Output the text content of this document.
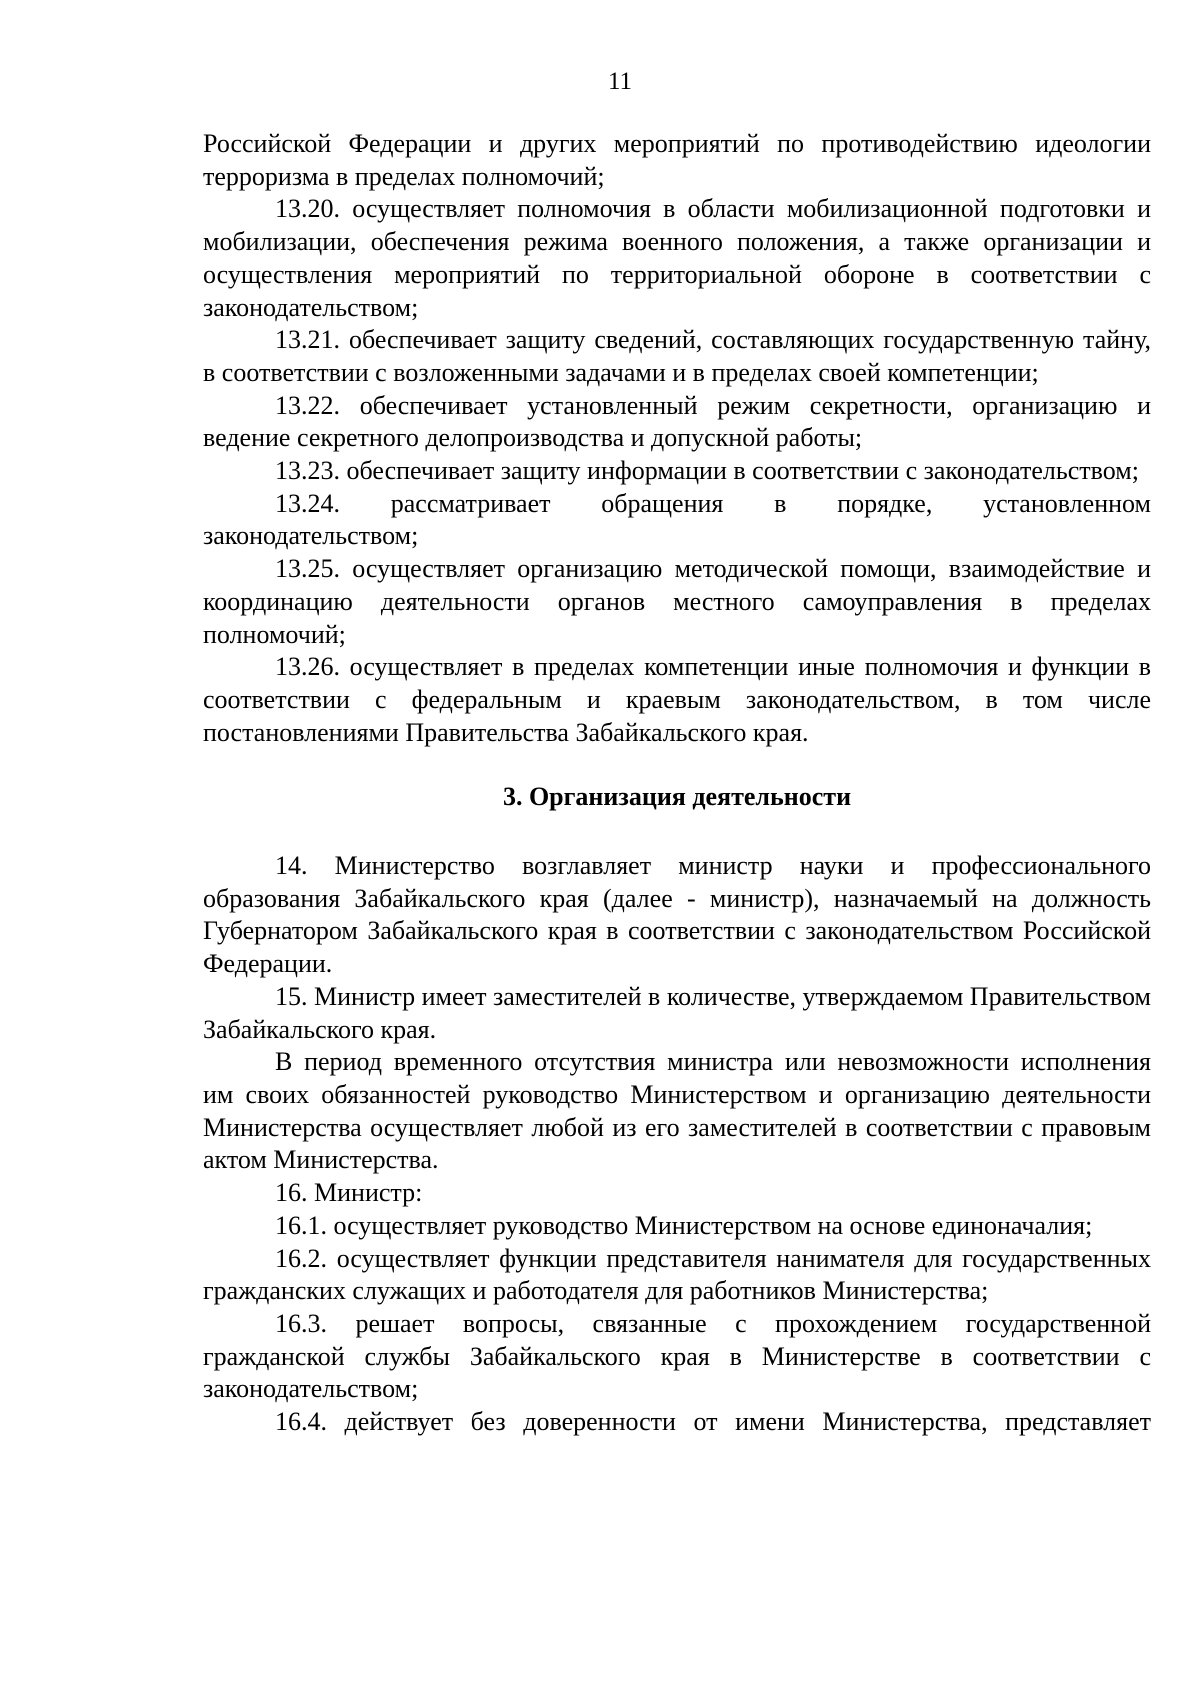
11

Российской Федерации и других мероприятий по противодействию идеологии терроризма в пределах полномочий;

13.20. осуществляет полномочия в области мобилизационной подготовки и мобилизации, обеспечения режима военного положения, а также организации и осуществления мероприятий по территориальной обороне в соответствии с законодательством;

13.21. обеспечивает защиту сведений, составляющих государственную тайну, в соответствии с возложенными задачами и в пределах своей компетенции;

13.22. обеспечивает установленный режим секретности, организацию и ведение секретного делопроизводства и допускной работы;

13.23. обеспечивает защиту информации в соответствии с законодательством;

13.24. рассматривает обращения в порядке, установленном законодательством;

13.25. осуществляет организацию методической помощи, взаимодействие и координацию деятельности органов местного самоуправления в пределах полномочий;

13.26. осуществляет в пределах компетенции иные полномочия и функции в соответствии с федеральным и краевым законодательством, в том числе постановлениями Правительства Забайкальского края.

3. Организация деятельности

14. Министерство возглавляет министр науки и профессионального образования Забайкальского края (далее - министр), назначаемый на должность Губернатором Забайкальского края в соответствии с законодательством Российской Федерации.

15. Министр имеет заместителей в количестве, утверждаемом Правительством Забайкальского края.

В период временного отсутствия министра или невозможности исполнения им своих обязанностей руководство Министерством и организацию деятельности Министерства осуществляет любой из его заместителей в соответствии с правовым актом Министерства.

16. Министр:

16.1. осуществляет руководство Министерством на основе единоначалия;

16.2. осуществляет функции представителя нанимателя для государственных гражданских служащих и работодателя для работников Министерства;

16.3. решает вопросы, связанные с прохождением государственной гражданской службы Забайкальского края в Министерстве в соответствии с законодательством;

16.4. действует без доверенности от имени Министерства, представляет
